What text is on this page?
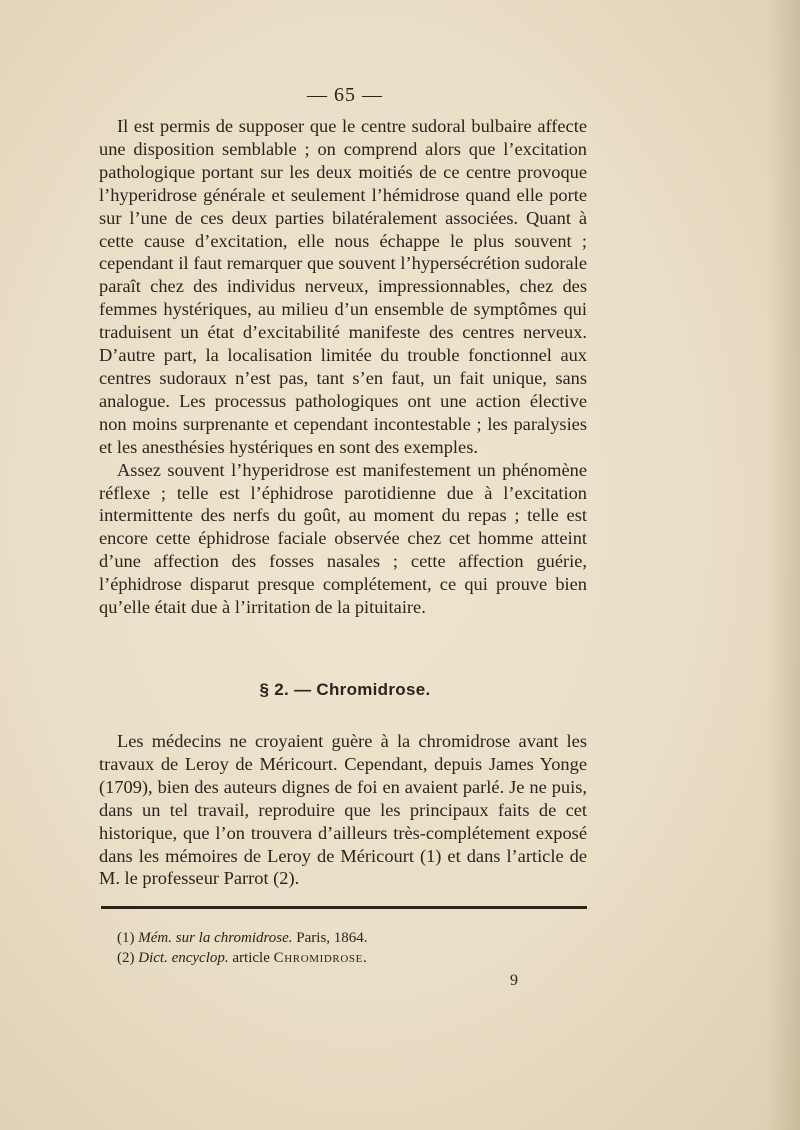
— 65 —

Il est permis de supposer que le centre sudoral bulbaire affecte une disposition semblable ; on comprend alors que l’excitation pathologique portant sur les deux moitiés de ce centre provoque l’hyperidrose générale et seulement l’hémidrose quand elle porte sur l’une de ces deux parties bilatéralement associées. Quant à cette cause d’excitation, elle nous échappe le plus souvent ; cependant il faut remarquer que souvent l’hypersécrétion sudorale paraît chez des individus nerveux, impressionnables, chez des femmes hystériques, au milieu d’un ensemble de symptômes qui traduisent un état d’excitabilité manifeste des centres nerveux. D’autre part, la localisation limitée du trouble fonctionnel aux centres sudoraux n’est pas, tant s’en faut, un fait unique, sans analogue. Les processus pathologiques ont une action élective non moins surprenante et cependant incontestable ; les paralysies et les anesthésies hystériques en sont des exemples.

Assez souvent l’hyperidrose est manifestement un phénomène réflexe ; telle est l’éphidrose parotidienne due à l’excitation intermittente des nerfs du goût, au moment du repas ; telle est encore cette éphidrose faciale observée chez cet homme atteint d’une affection des fosses nasales ; cette affection guérie, l’éphidrose disparut presque complétement, ce qui prouve bien qu’elle était due à l’irritation de la pituitaire.

§ 2. — Chromidrose.

Les médecins ne croyaient guère à la chromidrose avant les travaux de Leroy de Méricourt. Cependant, depuis James Yonge (1709), bien des auteurs dignes de foi en avaient parlé. Je ne puis, dans un tel travail, reproduire que les principaux faits de cet historique, que l’on trouvera d’ailleurs très-complétement exposé dans les mémoires de Leroy de Méricourt (1) et dans l’article de M. le professeur Parrot (2).

(1) Mém. sur la chromidrose. Paris, 1864.

(2) Dict. encyclop. article Chromidrose.

9
